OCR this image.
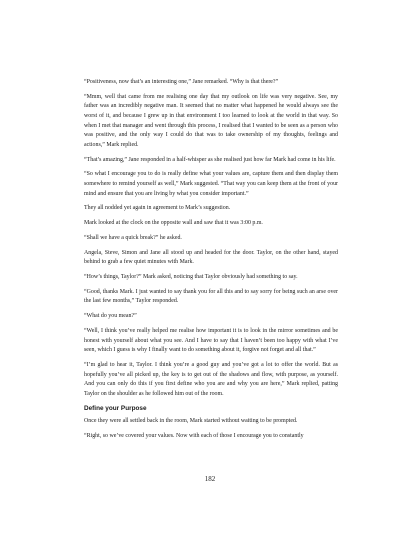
“Positiveness, now that’s an interesting one,” Jane remarked. “Why is that there?”

“Mmm, well that came from me realising one day that my outlook on life was very negative. See, my father was an incredibly negative man. It seemed that no matter what happened he would always see the worst of it, and because I grew up in that environment I too learned to look at the world in that way. So when I met that manager and went through this process, I realised that I wanted to be seen as a person who was positive, and the only way I could do that was to take ownership of my thoughts, feelings and actions,” Mark replied.

“That’s amazing,” Jane responded in a half-whisper as she realised just how far Mark had come in his life.

“So what I encourage you to do is really define what your values are, capture them and then display them somewhere to remind yourself as well,” Mark suggested. “That way you can keep them at the front of your mind and ensure that you are living by what you consider important.”

They all nodded yet again in agreement to Mark’s suggestion.

Mark looked at the clock on the opposite wall and saw that it was 3:00 p.m.

“Shall we have a quick break?” he asked.

Angela, Steve, Simon and Jane all stood up and headed for the door. Taylor, on the other hand, stayed behind to grab a few quiet minutes with Mark.

“How’s things, Taylor?” Mark asked, noticing that Taylor obviously had something to say.

“Good, thanks Mark. I just wanted to say thank you for all this and to say sorry for being such an arse over the last few months,” Taylor responded.

“What do you mean?”

“Well, I think you’ve really helped me realise how important it is to look in the mirror sometimes and be honest with yourself about what you see. And I have to say that I haven’t been too happy with what I’ve seen, which I guess is why I finally want to do something about it, forgive not forget and all that.”

“I’m glad to hear it, Taylor. I think you’re a good guy and you’ve got a lot to offer the world. But as hopefully you’ve all picked up, the key is to get out of the shadows and flow, with purpose, as yourself. And you can only do this if you first define who you are and why you are here,” Mark replied, patting Taylor on the shoulder as he followed him out of the room.

Define your Purpose

Once they were all settled back in the room, Mark started without waiting to be prompted.

“Right, so we’ve covered your values. Now with each of those I encourage you to constantly

182
